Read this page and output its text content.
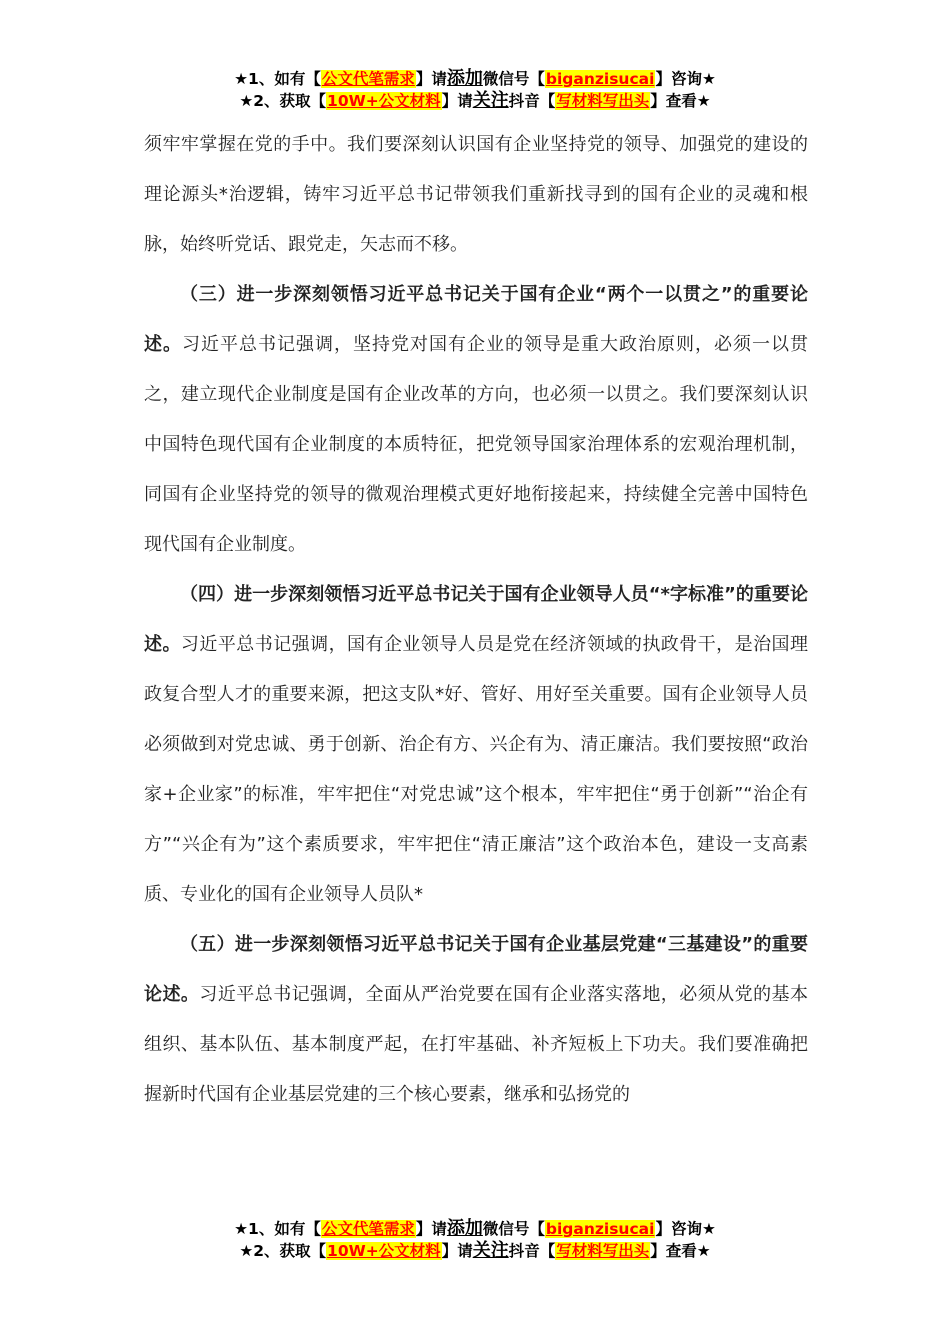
★1、如有【公文代笔需求】请添加微信号【biganzisucai】咨询★
★2、获取【10W+公文材料】请关注抖音【写材料写出头】查看★

须牢牢掌握在党的手中。我们要深刻认识国有企业坚持党的领导、加强党的建设的理论源头*治逻辑，铸牢习近平总书记带领我们重新找寻到的国有企业的灵魂和根脉，始终听党话、跟党走，矢志而不移。

（三）进一步深刻领悟习近平总书记关于国有企业“两个一以贯之”的重要论述。习近平总书记强调，坚持党对国有企业的领导是重大政治原则，必须一以贯之，建立现代企业制度是国有企业改革的方向，也必须一以贯之。我们要深刻认识中国特色现代国有企业制度的本质特征，把党领导国家治理体系的宏观治理机制，同国有企业坚持党的领导的微观治理模式更好地衔接起来，持续健全完善中国特色现代国有企业制度。

（四）进一步深刻领悟习近平总书记关于国有企业领导人员“*字标准”的重要论述。习近平总书记强调，国有企业领导人员是党在经济领域的执政骨干，是治国理政复合型人才的重要来源，把这支队*好、管好、用好至关重要。国有企业领导人员必须做到对党忠诚、勇于创新、治企有方、兴企有为、清正廉洁。我们要按照“政治家+企业家”的标准，牢牢把住“对党忠诚”这个根本，牢牢把住“勇于创新”“治企有方”“兴企有为”这个素质要求，牢牢把住“清正廉洁”这个政治本色，建设一支高素质、专业化的国有企业领导人员队*

（五）进一步深刻领悟习近平总书记关于国有企业基层党建“三基建设”的重要论述。习近平总书记强调，全面从严治党要在国有企业落实落地，必须从党的基本组织、基本队伍、基本制度严起，在打牢基础、补齐短板上下功夫。我们要准确把握新时代国有企业基层党建的三个核心要素，继承和弘扬党的

★1、如有【公文代笔需求】请添加微信号【biganzisucai】咨询★
★2、获取【10W+公文材料】请关注抖音【写材料写出头】查看★
